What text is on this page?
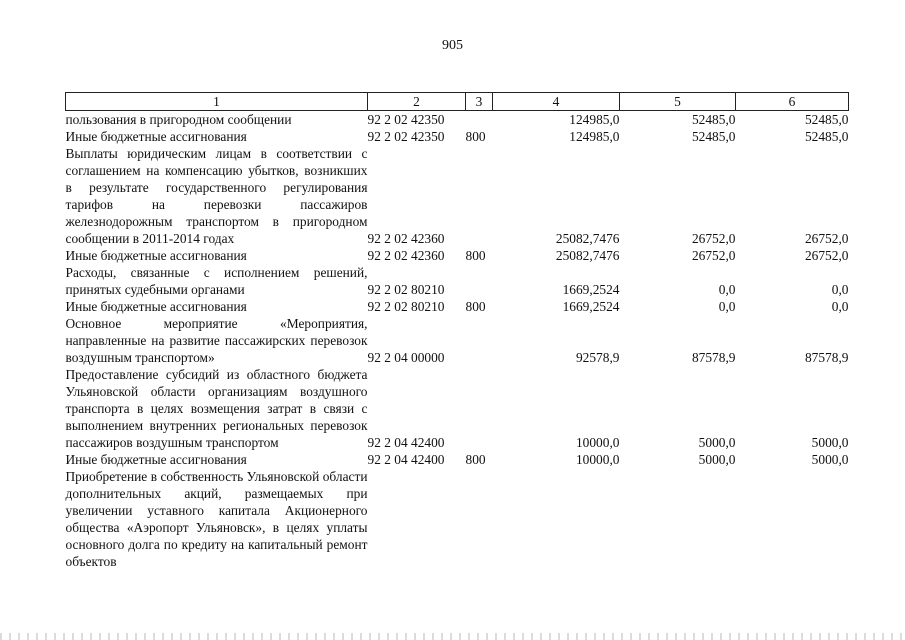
905
1	2	3	4	5	6
пользования в пригородном сообщении	92 2 02 42350		124985,0	52485,0	52485,0
Иные бюджетные ассигнования	92 2 02 42350	800	124985,0	52485,0	52485,0
Выплаты юридическим лицам в соответствии с соглашением на компенсацию убытков, возникших в результате государственного регулирования тарифов на перевозки пассажиров железнодорожным транспортом в пригородном сообщении в 2011-2014 годах	92 2 02 42360		25082,7476	26752,0	26752,0
Иные бюджетные ассигнования	92 2 02 42360	800	25082,7476	26752,0	26752,0
Расходы, связанные с исполнением решений, принятых судебными органами	92 2 02 80210		1669,2524	0,0	0,0
Иные бюджетные ассигнования	92 2 02 80210	800	1669,2524	0,0	0,0
Основное мероприятие «Мероприятия, направленные на развитие пассажирских перевозок воздушным транспортом»	92 2 04 00000		92578,9	87578,9	87578,9
Предоставление субсидий из областного бюджета Ульяновской области организациям воздушного транспорта в целях возмещения затрат в связи с выполнением внутренних региональных перевозок пассажиров воздушным транспортом	92 2 04 42400		10000,0	5000,0	5000,0
Иные бюджетные ассигнования	92 2 04 42400	800	10000,0	5000,0	5000,0
Приобретение в собственность Ульяновской области дополнительных акций, размещаемых при увеличении уставного капитала Акционерного общества «Аэропорт Ульяновск», в целях уплаты основного долга по кредиту на капитальный ремонт объектов					
